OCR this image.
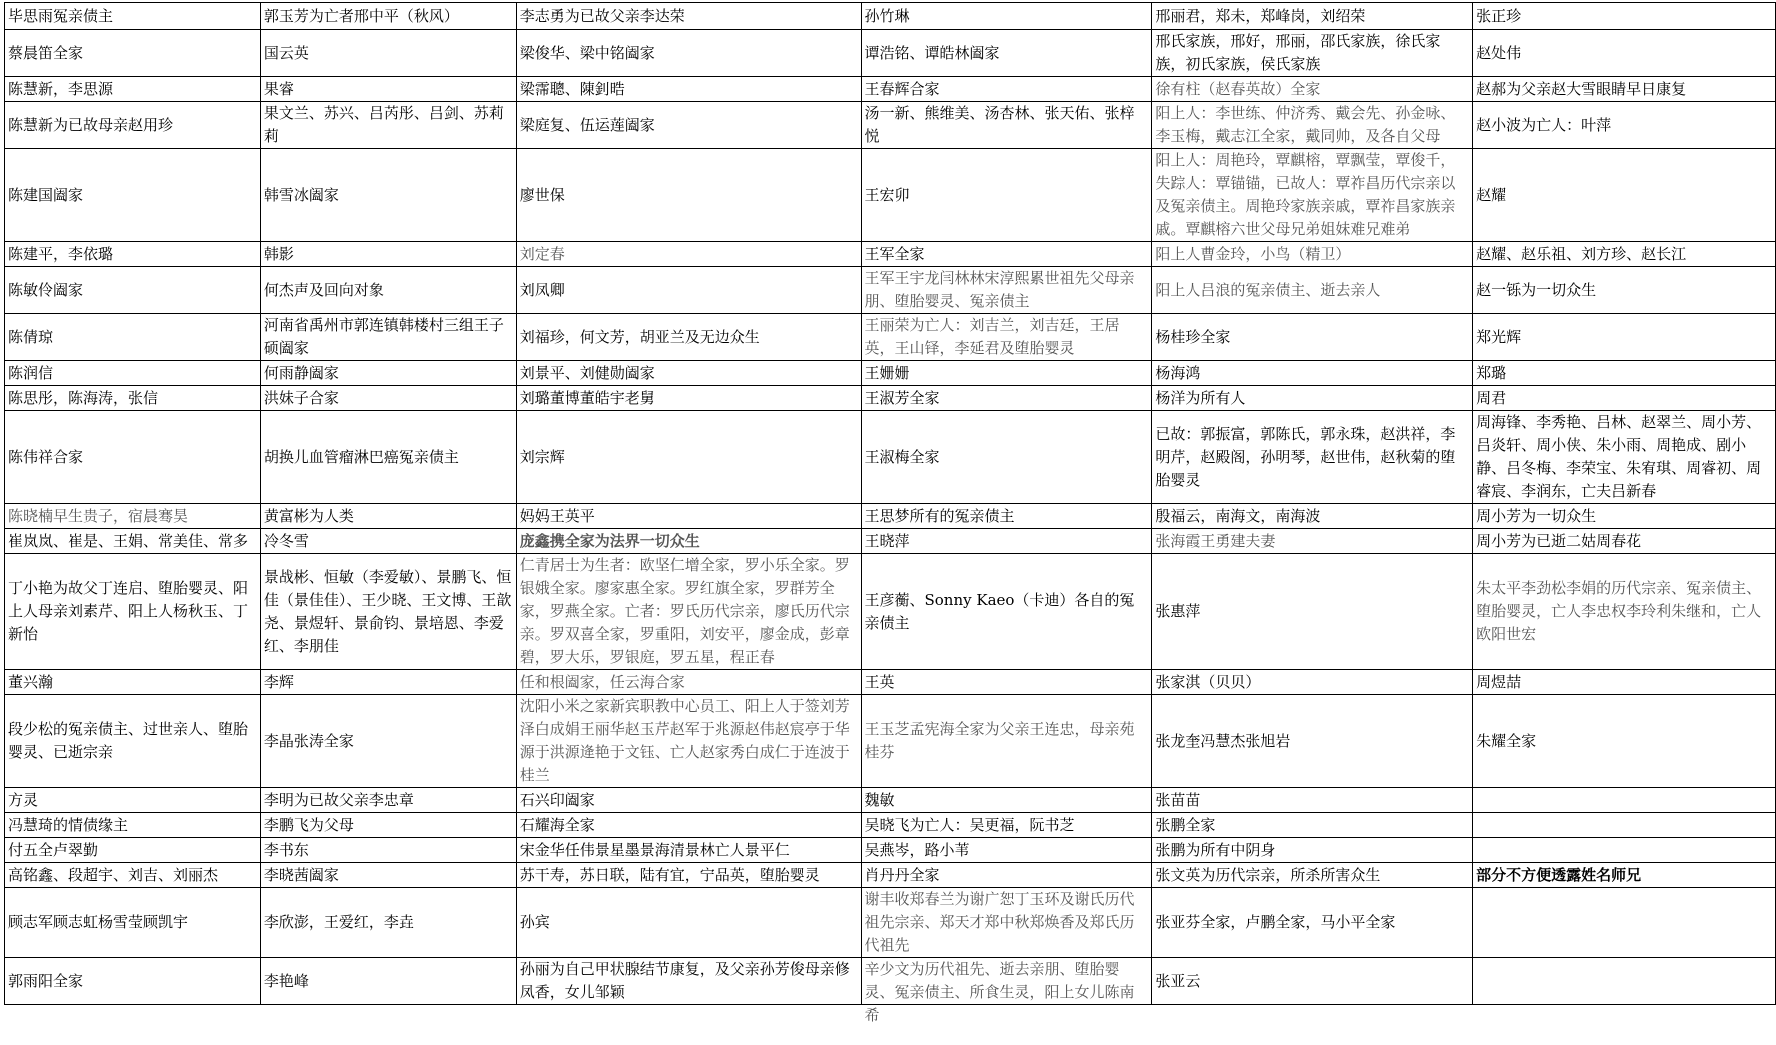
毕思雨冤亲债主	郭玉芳为亡者邢中平（秋风）	李志勇为已故父亲李达荣	孙竹琳	邢丽君，郑未，郑峰岗，刘绍荣	张正珍

蔡晨笛全家	国云英	梁俊华、梁中铭阖家	谭浩铭、谭皓林阖家	邢氏家族，邢好，邢丽，邵氏家族，徐氏家族，初氏家族，侯氏家族	赵处伟

陈慧新，李思源	果睿	梁霈聰、陳釗晧	王春辉合家	徐有柱（赵春英故）全家	赵郝为父亲赵大雪眼睛早日康复

陈慧新为已故母亲赵用珍	果文兰、苏兴、吕芮彤、吕剑、苏莉莉	梁庭复、伍运莲阖家	汤一新、熊维美、汤杏林、张天佑、张梓悦	阳上人：李世练、仲济秀、戴会先、孙金咏、李玉梅，戴志江全家，戴同帅，及各自父母	赵小波为亡人：叶萍

陈建国阖家	韩雪冰阖家	廖世保	王宏卯	阳上人：周艳玲，覃麒榕，覃飘莹，覃俊千，失踪人：覃锚锚，已故人：覃祚昌历代宗亲以及冤亲债主。周艳玲家族亲戚，覃祚昌家族亲戚。覃麒榕六世父母兄弟姐妹难兄难弟	赵耀

陈建平，李依璐	韩影	刘定春	王军全家	阳上人曹金玲，小鸟（精卫）	赵耀、赵乐祖、刘方珍、赵长江

陈敏伶阖家	何杰声及回向对象	刘凤卿	王军王宇龙闫林林宋淳熙累世祖先父母亲朋、堕胎婴灵、冤亲债主	阳上人吕浪的冤亲债主、逝去亲人	赵一铄为一切众生

陈倩琼	河南省禹州市郭连镇韩楼村三组王子硕阖家	刘福珍，何文芳，胡亚兰及无边众生	王丽荣为亡人：刘吉兰，刘吉廷，王居英，王山铎，李延君及堕胎婴灵	杨桂珍全家	郑光辉

陈润信	何雨静阖家	刘景平、刘健勋阖家	王姗姗	杨海鸿	郑璐

陈思彤，陈海涛，张信	洪妹子合家	刘璐董博董皓宇老舅	王淑芳全家	杨洋为所有人	周君

陈伟祥合家	胡换儿血管瘤淋巴癌冤亲债主	刘宗辉	王淑梅全家	已故：郭振富，郭陈氏，郭永珠，赵洪祥，李明芹，赵殿阁，孙明琴，赵世伟，赵秋菊的堕胎婴灵	周海锋、李秀艳、吕林、赵翠兰、周小芳、吕炎轩、周小侠、朱小雨、周艳成、剧小静、吕冬梅、李荣宝、朱宥琪、周睿初、周睿宸、李润东，亡夫吕新春

陈晓楠早生贵子，宿晨骞昊	黄富彬为人类	妈妈王英平	王思梦所有的冤亲债主	殷福云，南海文，南海波	周小芳为一切众生

崔岚岚、崔是、王娟、常美佳、常多	冷冬雪	庞鑫携全家为法界一切众生	王晓萍	张海霞王勇建夫妻	周小芳为已逝二姑周春花

丁小艳为故父丁连启、堕胎婴灵、阳上人母亲刘素芹、阳上人杨秋玉、丁新怡	景战彬、恒敏（李爱敏）、景鹏飞、恒佳（景佳佳）、王少晓、王文博、王歆尧、景煜轩、景俞钧、景培恩、李爱红、李朋佳	仁青居士为生者：欧坚仁增全家，罗小乐全家。罗银娥全家。廖家惠全家。罗红旗全家，罗群芳全家，罗燕全家。亡者：罗氏历代宗亲，廖氏历代宗亲。罗双喜全家，罗重阳，刘安平，廖金成，彭章碧，罗大乐，罗银庭，罗五星，程正春	王彦蘅、Sonny Kaeo（卡迪）各自的冤亲债主	张惠萍	朱太平李劲松李娟的历代宗亲、冤亲债主、堕胎婴灵，亡人李忠权李玲利朱继和，亡人欧阳世宏

董兴瀚	李辉	任和根阖家，任云海合家	王英	张家淇（贝贝）	周煜喆

段少松的冤亲债主、过世亲人、堕胎婴灵、已逝宗亲	李晶张涛全家	沈阳小米之家新宾职教中心员工、阳上人于签刘芳泽白成娟王丽华赵玉芹赵军于兆源赵伟赵宸亭于华源于洪源逄艳于文钰、亡人赵家秀白成仁于连波于桂兰	王玉芝孟宪海全家为父亲王连忠，母亲苑桂芬	张龙奎冯慧杰张旭岩	朱耀全家

方灵	李明为已故父亲李忠章	石兴印阖家	魏敏	张苗苗	

冯慧琦的情债缘主	李鹏飞为父母	石耀海全家	吴晓飞为亡人：吴更福，阮书芝	张鹏全家	

付五全卢翠勤	李书东	宋金华任伟景星墨景海清景林亡人景平仁	吴燕岑，路小苇	张鹏为所有中阴身	

高铭鑫、段超宇、刘吉、刘丽杰	李晓茜阖家	苏干寿，苏日联，陆有宜，宁品英，堕胎婴灵	肖丹丹全家	张文英为历代宗亲，所杀所害众生	部分不方便透露姓名师兄

顾志军顾志虹杨雪莹顾凯宇	李欣澎，王爱红，李垚	孙宾	谢丰收郑春兰为谢广恕丁玉环及谢氏历代祖先宗亲、郑天才郑中秋郑焕香及郑氏历代祖先	张亚芬全家，卢鹏全家，马小平全家	

郭雨阳全家	李艳峰	孙丽为自己甲状腺结节康复，及父亲孙芳俊母亲修凤香，女儿邹颖	辛少文为历代祖先、逝去亲朋、堕胎婴灵、冤亲债主、所食生灵，阳上女儿陈南希	张亚云	
